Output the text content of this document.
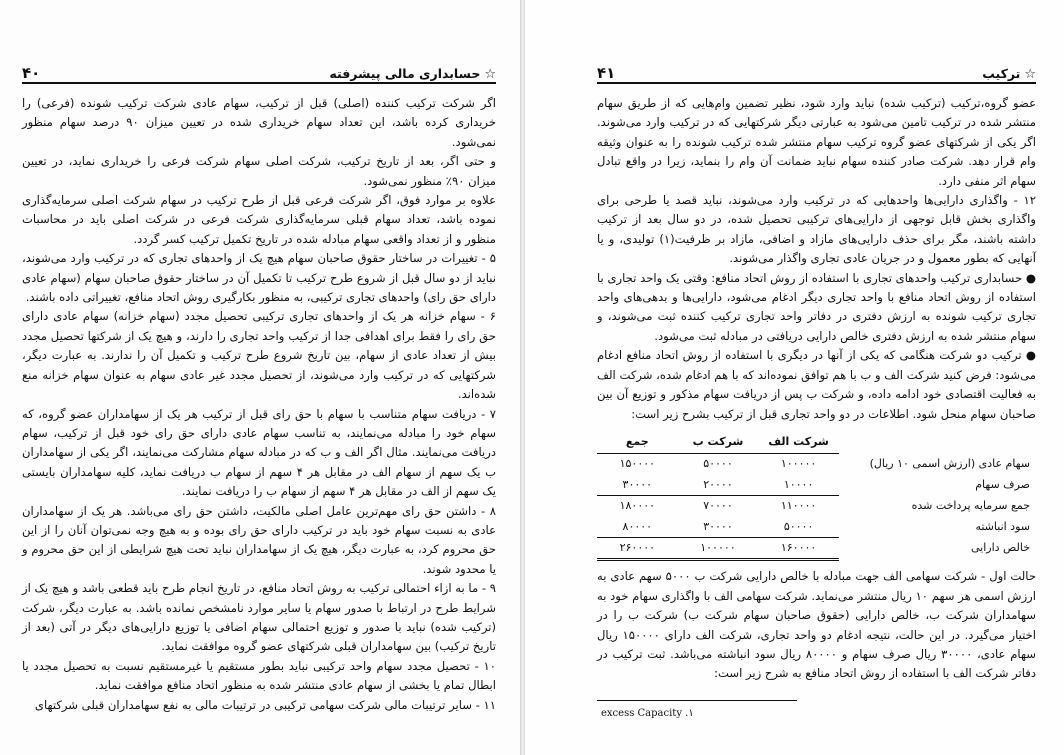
☆حسابداری مالی پیشرفته
۴۰

اگر شرکت ترکیب کننده (اصلی) قبل از ترکیب، سهام عادی شرکت ترکیب شونده (فرعی) را خریداری کرده باشد، این تعداد سهام خریداری شده در تعیین میزان ۹۰ درصد سهام منظور نمی‌شود.

و حتی اگر، بعد از تاریخ ترکیب، شرکت اصلی سهام شرکت فرعی را خریداری نماید، در تعیین میزان ۹۰٪ منظور نمی‌شود.

علاوه بر موارد فوق، اگر شرکت فرعی قبل از طرح ترکیب در سهام شرکت اصلی سرمایه‌گذاری نموده باشد، تعداد سهام قبلی سرمایه‌گذاری شرکت فرعی در شرکت اصلی باید در محاسبات منظور و از تعداد واقعی سهام مبادله شده در تاریخ تکمیل ترکیب کسر گردد.

۵ - تغییرات در ساختار حقوق صاحبان سهام هیچ یک از واحدهای تجاری که در ترکیب وارد می‌شوند، نباید از دو سال قبل از شروع طرح ترکیب تا تکمیل آن در ساختار حقوق صاحبان سهام (سهام عادی دارای حق رای) واحدهای تجاری ترکیبی، به منظور بکارگیری روش اتحاد منافع، تغییراتی داده باشند.

۶ - سهام خزانه هر یک از واحدهای تجاری ترکیبی تحصیل مجدد (سهام خزانه) سهام عادی دارای حق رای را فقط برای اهدافی جدا از ترکیب واحد تجاری را دارند، و هیچ یک از شرکتها تحصیل مجدد بیش از تعداد عادی از سهام، بین تاریخ شروع طرح ترکیب و تکمیل آن را ندارند. به عبارت دیگر، شرکتهایی که در ترکیب وارد می‌شوند، از تحصیل مجدد غیر عادی سهام به عنوان سهام خزانه منع شده‌اند.

۷ - دریافت سهام متناسب با سهام با حق رای قبل از ترکیب هر یک از سهامداران عضو گروه، که سهام خود را مبادله می‌نمایند، به تناسب سهام عادی دارای حق رای خود قبل از ترکیب، سهام دریافت می‌نمایند. مثال اگر الف و ب که در مبادله سهام مشارکت می‌نمایند، اگر یکی از سهامداران ب یک سهم از سهام الف در مقابل هر ۴ سهم از سهام ب دریافت نماید، کلیه سهامداران بایستی یک سهم از الف در مقابل هر ۴ سهم از سهام ب را دریافت نمایند.

۸ - داشتن حق رای مهم‌ترین عامل اصلی مالکیت، داشتن حق رای می‌باشد. هر یک از سهامداران عادی به نسبت سهام خود باید در ترکیب دارای حق رای بوده و به هیچ وجه نمی‌توان آنان را از این حق محروم کرد، به عبارت دیگر، هیچ یک از سهامداران نباید تحت هیچ شرایطی از این حق محروم و یا محدود شوند.

۹ - ما به ازاء احتمالی ترکیب به روش اتحاد منافع، در تاریخ انجام طرح باید قطعی باشد و هیچ یک از شرایط طرح در ارتباط با صدور سهام یا سایر موارد نامشخص نمانده باشد. به عبارت دیگر، شرکت (ترکیب شده) نباید با صدور و توزیع احتمالی سهام اضافی یا توزیع دارایی‌های دیگر در آتی (بعد از تاریخ ترکیب) بین سهامداران قبلی شرکتهای عضو گروه موافقت نماید.

۱۰ - تحصیل مجدد سهام واحد ترکیبی نباید بطور مستقیم یا غیرمستقیم نسبت به تحصیل مجدد یا ابطال تمام یا بخشی از سهام عادی منتشر شده به منظور اتحاد منافع موافقت نماید.

۱۱ - سایر ترتیبات مالی شرکت سهامی ترکیبی در ترتیبات مالی به نفع سهامداران قبلی شرکتهای

☆ترکیب
۴۱

عضو گروه،ترکیب (ترکیب شده) نباید وارد شود، نظیر تضمین وام‌هایی که از طریق سهام منتشر شده در ترکیب تامین می‌شود به عبارتی دیگر شرکتهایی که در ترکیب وارد می‌شوند. اگر یکی از شرکتهای عضو گروه ترکیب سهام منتشر شده ترکیب شونده را به عنوان وثیقه وام قرار دهد. شرکت صادر کننده سهام نباید ضمانت آن وام را بنماید، زیرا در واقع تبادل سهام اثر منفی دارد.

۱۲ - واگذاری دارایی‌ها واحدهایی که در ترکیب وارد می‌شوند، نباید قصد یا طرحی برای واگذاری بخش قابل توجهی از دارایی‌های ترکیبی تحصیل شده، در دو سال بعد از ترکیب داشته باشند، مگر برای حذف دارایی‌های مازاد و اضافی، مازاد بر ظرفیت(۱) تولیدی، و یا آنهایی که بطور معمول و در جریان عادی تجاری واگذار می‌شوند.

● حسابداری ترکیب واحدهای تجاری با استفاده از روش اتحاد منافع: وقتی یک واحد تجاری با استفاده از روش اتحاد منافع با واحد تجاری دیگر ادغام می‌شود، دارایی‌ها و بدهی‌های واحد تجاری ترکیب شونده به ارزش دفتری در دفاتر واحد تجاری ترکیب کننده ثبت می‌شوند، و سهام منتشر شده به ارزش دفتری خالص دارایی دریافتی در مبادله ثبت می‌شود.

● ترکیب دو شرکت هنگامی که یکی از آنها در دیگری با استفاده از روش اتحاد منافع ادغام می‌شود: فرض کنید شرکت الف و ب با هم توافق نموده‌اند که با هم ادغام شده، شرکت الف به فعالیت اقتصادی خود ادامه داده، و شرکت ب پس از دریافت سهام مذکور و توزیع آن بین صاحبان سهام منحل شود. اطلاعات در دو واحد تجاری قبل از ترکیب بشرح زیر است:

	شرکت الف	شرکت ب	جمع
سهام عادی (ارزش اسمی ۱۰ ریال)	۱۰۰۰۰۰	۵۰۰۰۰	۱۵۰۰۰۰
صرف سهام	۱۰۰۰۰	۲۰۰۰۰	۳۰۰۰۰
جمع سرمایه پرداخت شده	۱۱۰۰۰۰	۷۰۰۰۰	۱۸۰۰۰۰
سود انباشته	۵۰۰۰۰	۳۰۰۰۰	۸۰۰۰۰
خالص دارایی	۱۶۰۰۰۰	۱۰۰۰۰۰	۲۶۰۰۰۰

حالت اول - شرکت سهامی الف جهت مبادله با خالص دارایی شرکت ب ۵۰۰۰ سهم عادی به ارزش اسمی هر سهم ۱۰ ریال منتشر می‌نماید. شرکت سهامی الف با واگذاری سهام خود به سهامداران شرکت ب، خالص دارایی (حقوق صاحبان سهام شرکت ب) شرکت ب را در اختیار می‌گیرد. در این حالت، نتیجه ادغام دو واحد تجاری، شرکت الف دارای ۱۵۰۰۰۰ ریال سهام عادی، ۳۰۰۰۰ ریال صرف سهام و ۸۰۰۰۰ ریال سود انباشته می‌باشد. ثبت ترکیب در دفاتر شرکت الف با استفاده از روش اتحاد منافع به شرح زیر است:

excess Capacity .۱
